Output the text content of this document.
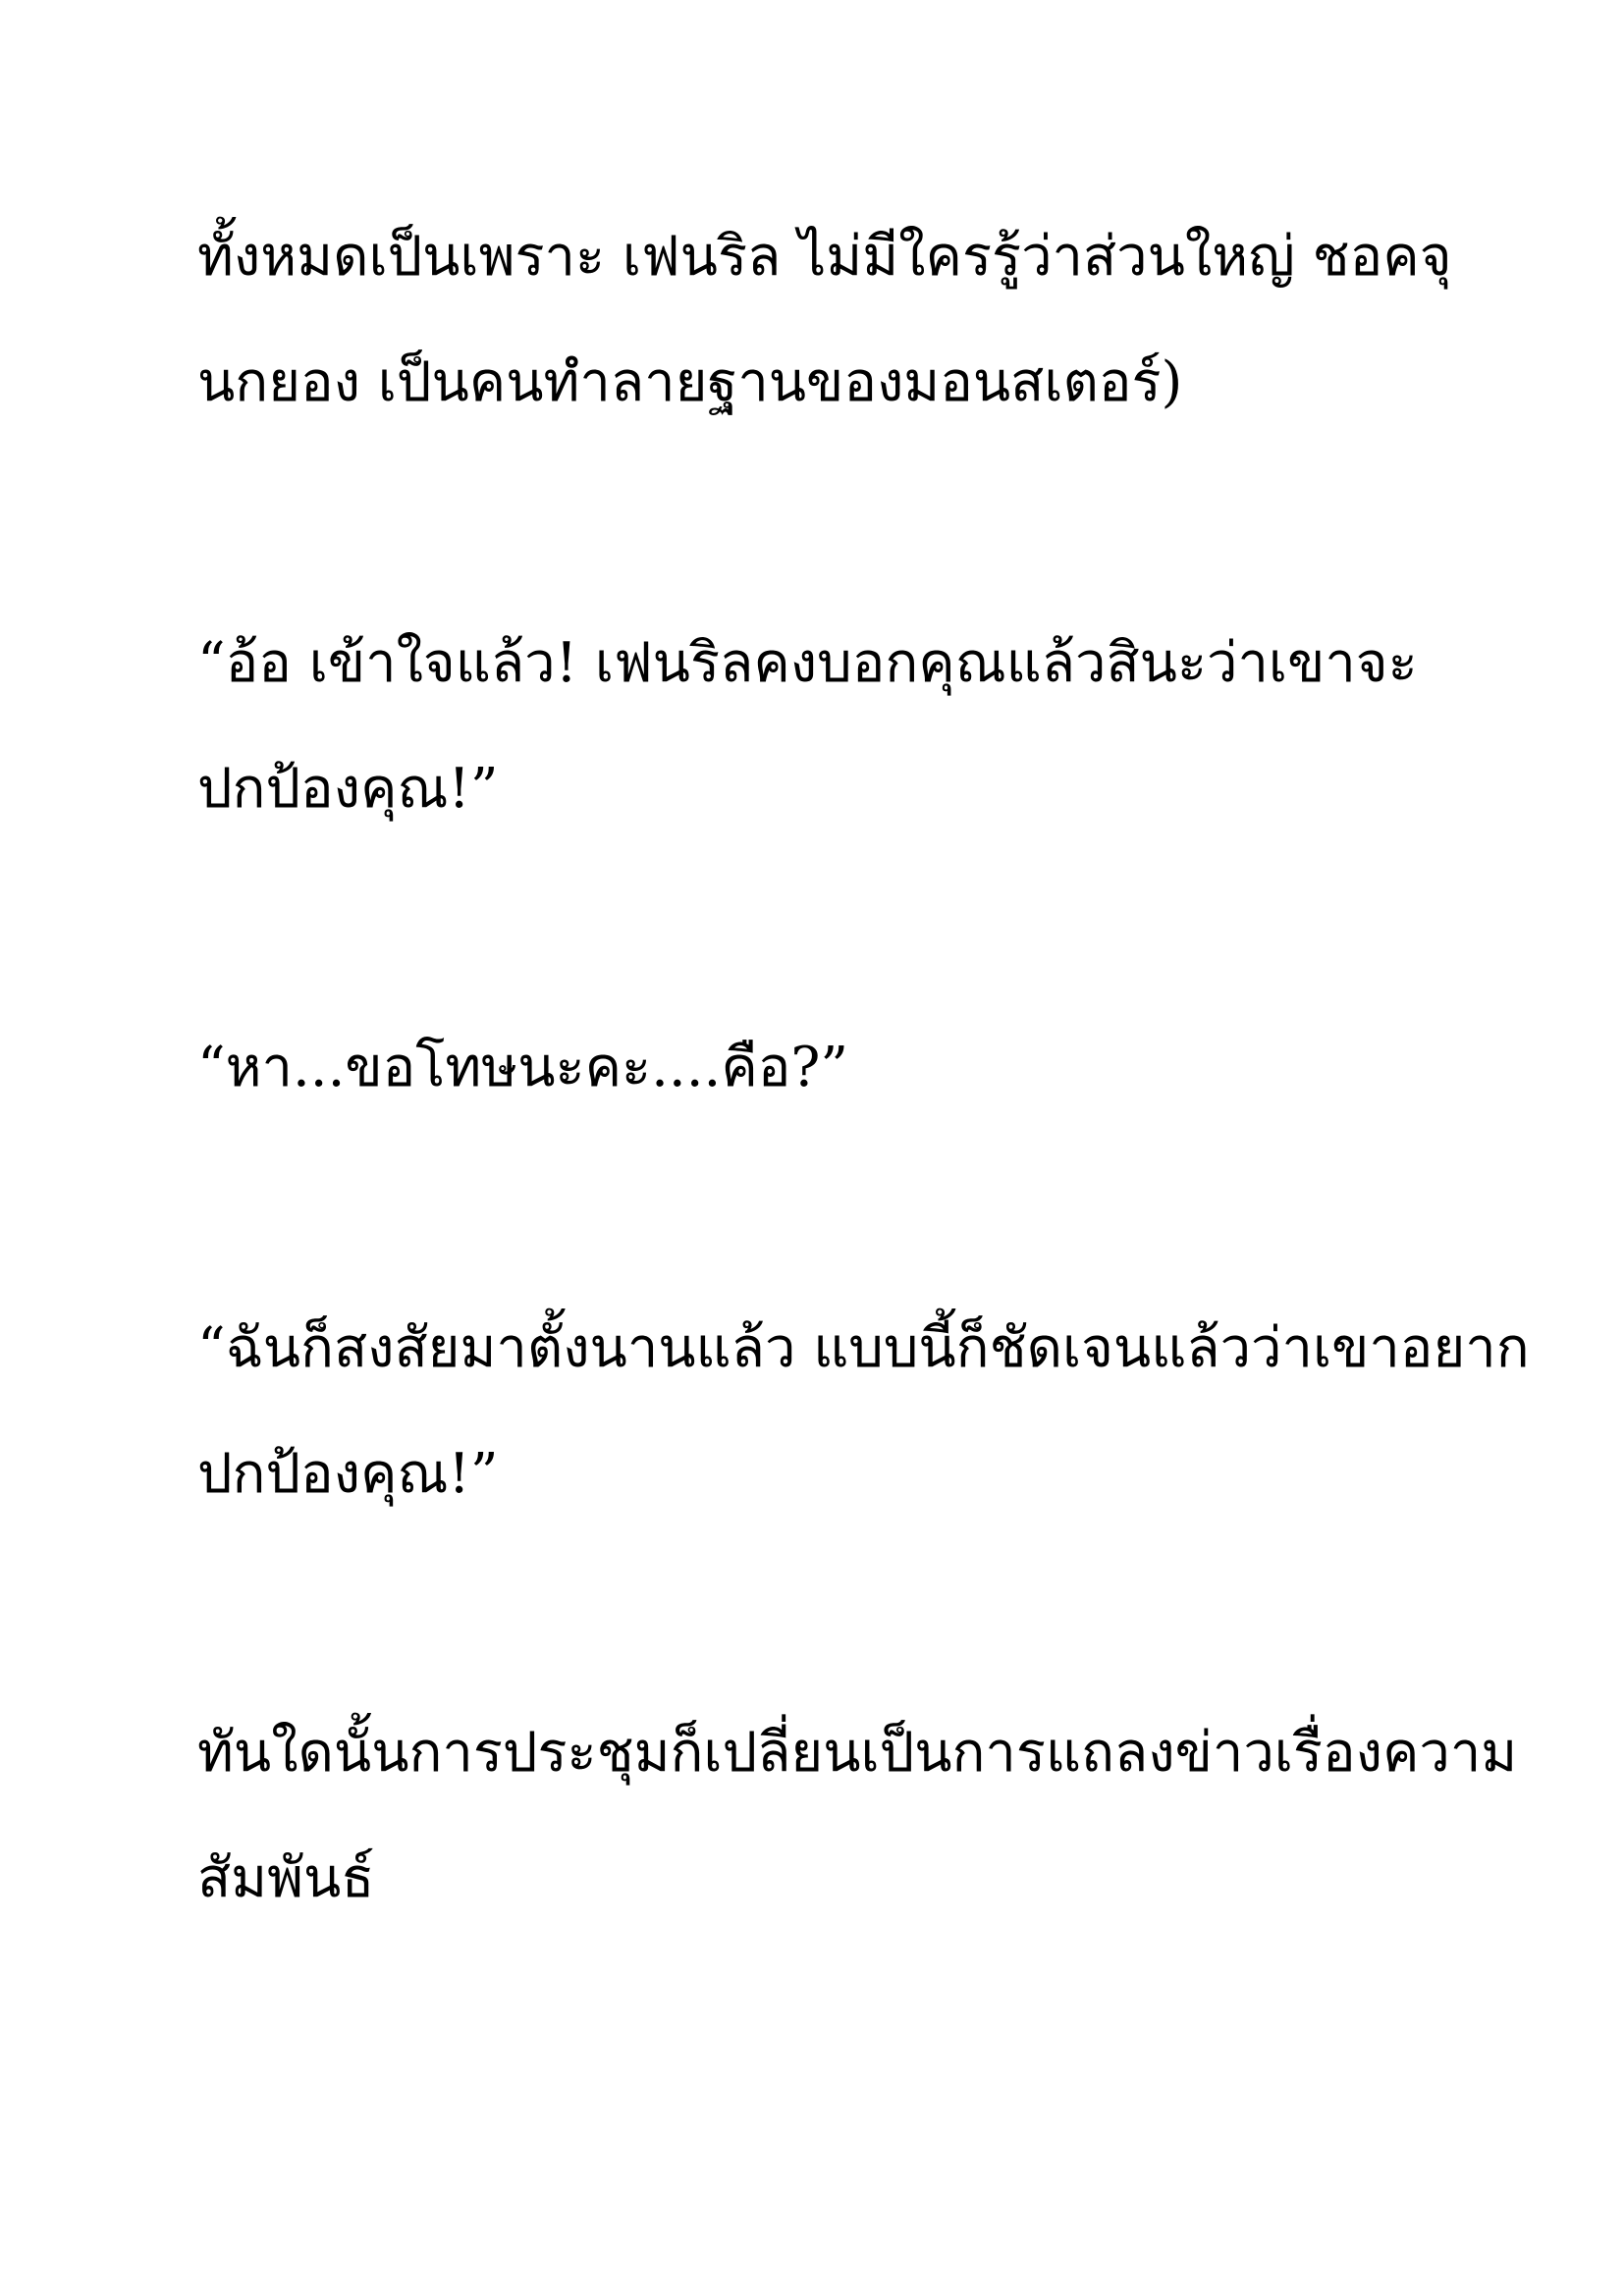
ทั้งหมดเป็นเพราะ เฟนริล ไม่มีใครรู้ว่าส่วนใหญ่ ชอคจุ
นกยอง เป็นคนทำลายฐานของมอนสเตอร์)
“อ้อ เข้าใจแล้ว! เฟนริลคงบอกคุณแล้วสินะว่าเขาจะ
ปกป้องคุณ!”
“หา...ขอโทษนะคะ....คือ?”
“ฉันก็สงสัยมาตั้งนานแล้ว แบบนี้ก็ชัดเจนแล้วว่าเขาอยาก
ปกป้องคุณ!”
ทันใดนั้นการประชุมก็เปลี่ยนเป็นการแถลงข่าวเรื่องความ
สัมพันธ์
